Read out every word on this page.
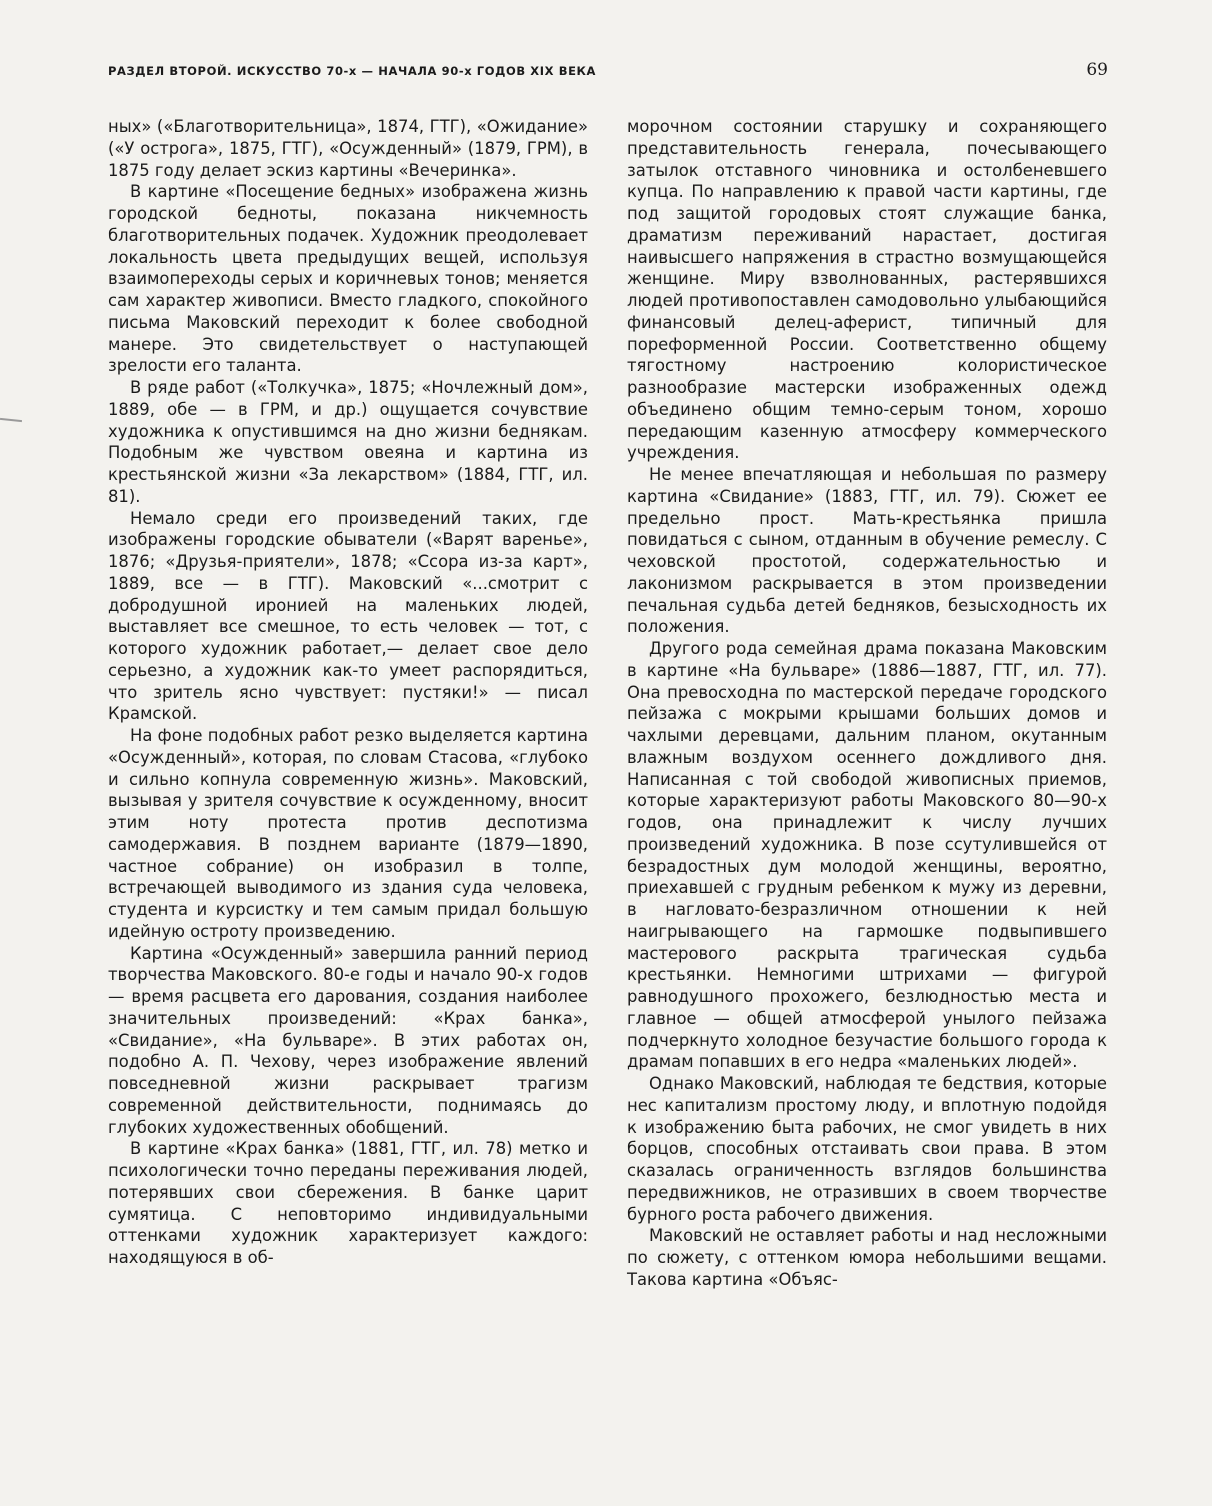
РАЗДЕЛ ВТОРОЙ. ИСКУССТВО 70-х — НАЧАЛА 90-х ГОДОВ XIX ВЕКА	69

ных» («Благотворительница», 1874, ГТГ), «Ожидание» («У острога», 1875, ГТГ), «Осужденный» (1879, ГРМ), в 1875 году делает эскиз картины «Вечеринка».

В картине «Посещение бедных» изображена жизнь городской бедноты, показана никчемность благотворительных подачек. Художник преодолевает локальность цвета предыдущих вещей, используя взаимопереходы серых и коричневых тонов; меняется сам характер живописи. Вместо гладкого, спокойного письма Маковский переходит к более свободной манере. Это свидетельствует о наступающей зрелости его таланта.

В ряде работ («Толкучка», 1875; «Ночлежный дом», 1889, обе — в ГРМ, и др.) ощущается сочувствие художника к опустившимся на дно жизни беднякам. Подобным же чувством овеяна и картина из крестьянской жизни «За лекарством» (1884, ГТГ, ил. 81).

Немало среди его произведений таких, где изображены городские обыватели («Варят варенье», 1876; «Друзья-приятели», 1878; «Ссора из-за карт», 1889, все — в ГТГ). Маковский «...смотрит с добродушной иронией на маленьких людей, выставляет все смешное, то есть человек — тот, с которого художник работает,— делает свое дело серьезно, а художник как-то умеет распорядиться, что зритель ясно чувствует: пустяки!» — писал Крамской.

На фоне подобных работ резко выделяется картина «Осужденный», которая, по словам Стасова, «глубоко и сильно копнула современную жизнь». Маковский, вызывая у зрителя сочувствие к осужденному, вносит этим ноту протеста против деспотизма самодержавия. В позднем варианте (1879—1890, частное собрание) он изобразил в толпе, встречающей выводимого из здания суда человека, студента и курсистку и тем самым придал большую идейную остроту произведению.

Картина «Осужденный» завершила ранний период творчества Маковского. 80-е годы и начало 90-х годов — время расцвета его дарования, создания наиболее значительных произведений: «Крах банка», «Свидание», «На бульваре». В этих работах он, подобно А. П. Чехову, через изображение явлений повседневной жизни раскрывает трагизм современной действительности, поднимаясь до глубоких художественных обобщений.

В картине «Крах банка» (1881, ГТГ, ил. 78) метко и психологически точно переданы переживания людей, потерявших свои сбережения. В банке царит сумятица. С неповторимо индивидуальными оттенками художник характеризует каждого: находящуюся в об-

морочном состоянии старушку и сохраняющего представительность генерала, почесывающего затылок отставного чиновника и остолбеневшего купца. По направлению к правой части картины, где под защитой городовых стоят служащие банка, драматизм переживаний нарастает, достигая наивысшего напряжения в страстно возмущающейся женщине. Миру взволнованных, растерявшихся людей противопоставлен самодовольно улыбающийся финансовый делец-аферист, типичный для пореформенной России. Соответственно общему тягостному настроению колористическое разнообразие мастерски изображенных одежд объединено общим темно-серым тоном, хорошо передающим казенную атмосферу коммерческого учреждения.

Не менее впечатляющая и небольшая по размеру картина «Свидание» (1883, ГТГ, ил. 79). Сюжет ее предельно прост. Мать-крестьянка пришла повидаться с сыном, отданным в обучение ремеслу. С чеховской простотой, содержательностью и лаконизмом раскрывается в этом произведении печальная судьба детей бедняков, безысходность их положения.

Другого рода семейная драма показана Маковским в картине «На бульваре» (1886—1887, ГТГ, ил. 77). Она превосходна по мастерской передаче городского пейзажа с мокрыми крышами больших домов и чахлыми деревцами, дальним планом, окутанным влажным воздухом осеннего дождливого дня. Написанная с той свободой живописных приемов, которые характеризуют работы Маковского 80—90-х годов, она принадлежит к числу лучших произведений художника. В позе ссутулившейся от безрадостных дум молодой женщины, вероятно, приехавшей с грудным ребенком к мужу из деревни, в нагловато-безразличном отношении к ней наигрывающего на гармошке подвыпившего мастерового раскрыта трагическая судьба крестьянки. Немногими штрихами — фигурой равнодушного прохожего, безлюдностью места и главное — общей атмосферой унылого пейзажа подчеркнуто холодное безучастие большого города к драмам попавших в его недра «маленьких людей».

Однако Маковский, наблюдая те бедствия, которые нес капитализм простому люду, и вплотную подойдя к изображению быта рабочих, не смог увидеть в них борцов, способных отстаивать свои права. В этом сказалась ограниченность взглядов большинства передвижников, не отразивших в своем творчестве бурного роста рабочего движения.

Маковский не оставляет работы и над несложными по сюжету, с оттенком юмора небольшими вещами. Такова картина «Объяс-
